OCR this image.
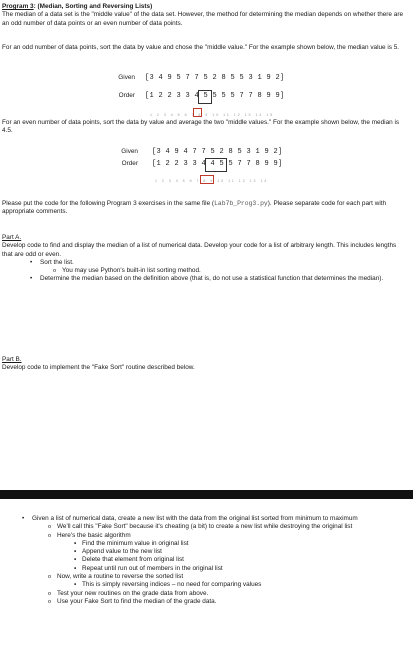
Program 3: (Median, Sorting and Reversing Lists)

The median of a data set is the "middle value" of the data set. However, the method for determining the median depends on whether there are an odd number of data points or an even number of data points.

For an odd number of data points, sort the data by value and chose the "middle value." For the example shown below, the median value is 5.

Given [3 4 9 5 7 7 5 2 8 5 5 3 1 9 2]
Order [1 2 2 3 3 4 5 5 5 5 7 7 8 9 9]
1 2 3 4 5 6 7 8 9 10 11 12 13 14 15

For an even number of data points, sort the data by value and average the two "middle values." For the example shown below, the median is 4.5.

Given [3 4 9 4 7 7 5 2 8 5 3 1 9 2]
Order [1 2 2 3 3 4 4 5 5 7 7 8 9 9]
1 2 3 4 5 6 7 8 9 10 11 12 13 14

Please put the code for the following Program 3 exercises in the same file (Lab7b_Prog3.py). Please separate code for each part with appropriate comments.

Part A.

Develop code to find and display the median of a list of numerical data. Develop your code for a list of arbitrary length. This includes lengths that are odd or even.

• Sort the list.
o You may use Python's built-in list sorting method.
• Determine the median based on the definition above (that is, do not use a statistical function that determines the median).

Part B.

Develop code to implement the "Fake Sort" routine described below.

• Given a list of numerical data, create a new list with the data from the original list sorted from minimum to maximum
o We'll call this "Fake Sort" because it's cheating (a bit) to create a new list while destroying the original list
o Here's the basic algorithm
▪ Find the minimum value in original list
▪ Append value to the new list
▪ Delete that element from original list
▪ Repeat until run out of members in the original list
o Now, write a routine to reverse the sorted list
▪ This is simply reversing indices – no need for comparing values
o Test your new routines on the grade data from above.
o Use your Fake Sort to find the median of the grade data.
